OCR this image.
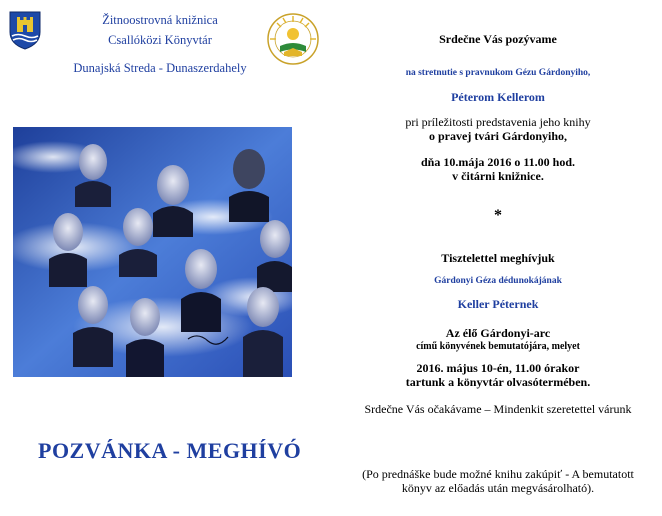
Žitnoostrovná knižnica
Csallóközi Könyvtár
Dunajská Streda - Dunaszerdahely
POZVÁNKA - MEGHÍVÓ
Srdečne Vás pozývame
na stretnutie s pravnukom Gézu Gárdonyiho,
Péterom Kellerom
pri príležitosti predstavenia jeho knihy
o pravej tvári Gárdonyiho,
dňa 10.mája 2016 o 11.00 hod.
v čitárni knižnice.
*
Tisztelettel meghívjuk
Gárdonyi Géza dédunokájának
Keller Péternek
Az élő Gárdonyi-arc
című könyvének bemutatójára, melyet
2016. május 10-én, 11.00 órakor
tartunk a könyvtár olvasótermében.
Srdečne Vás očakávame – Mindenkit szeretettel várunk
(Po prednáške bude možné knihu zakúpiť - A bemutatott
könyv az előadás után megvásárolható).
